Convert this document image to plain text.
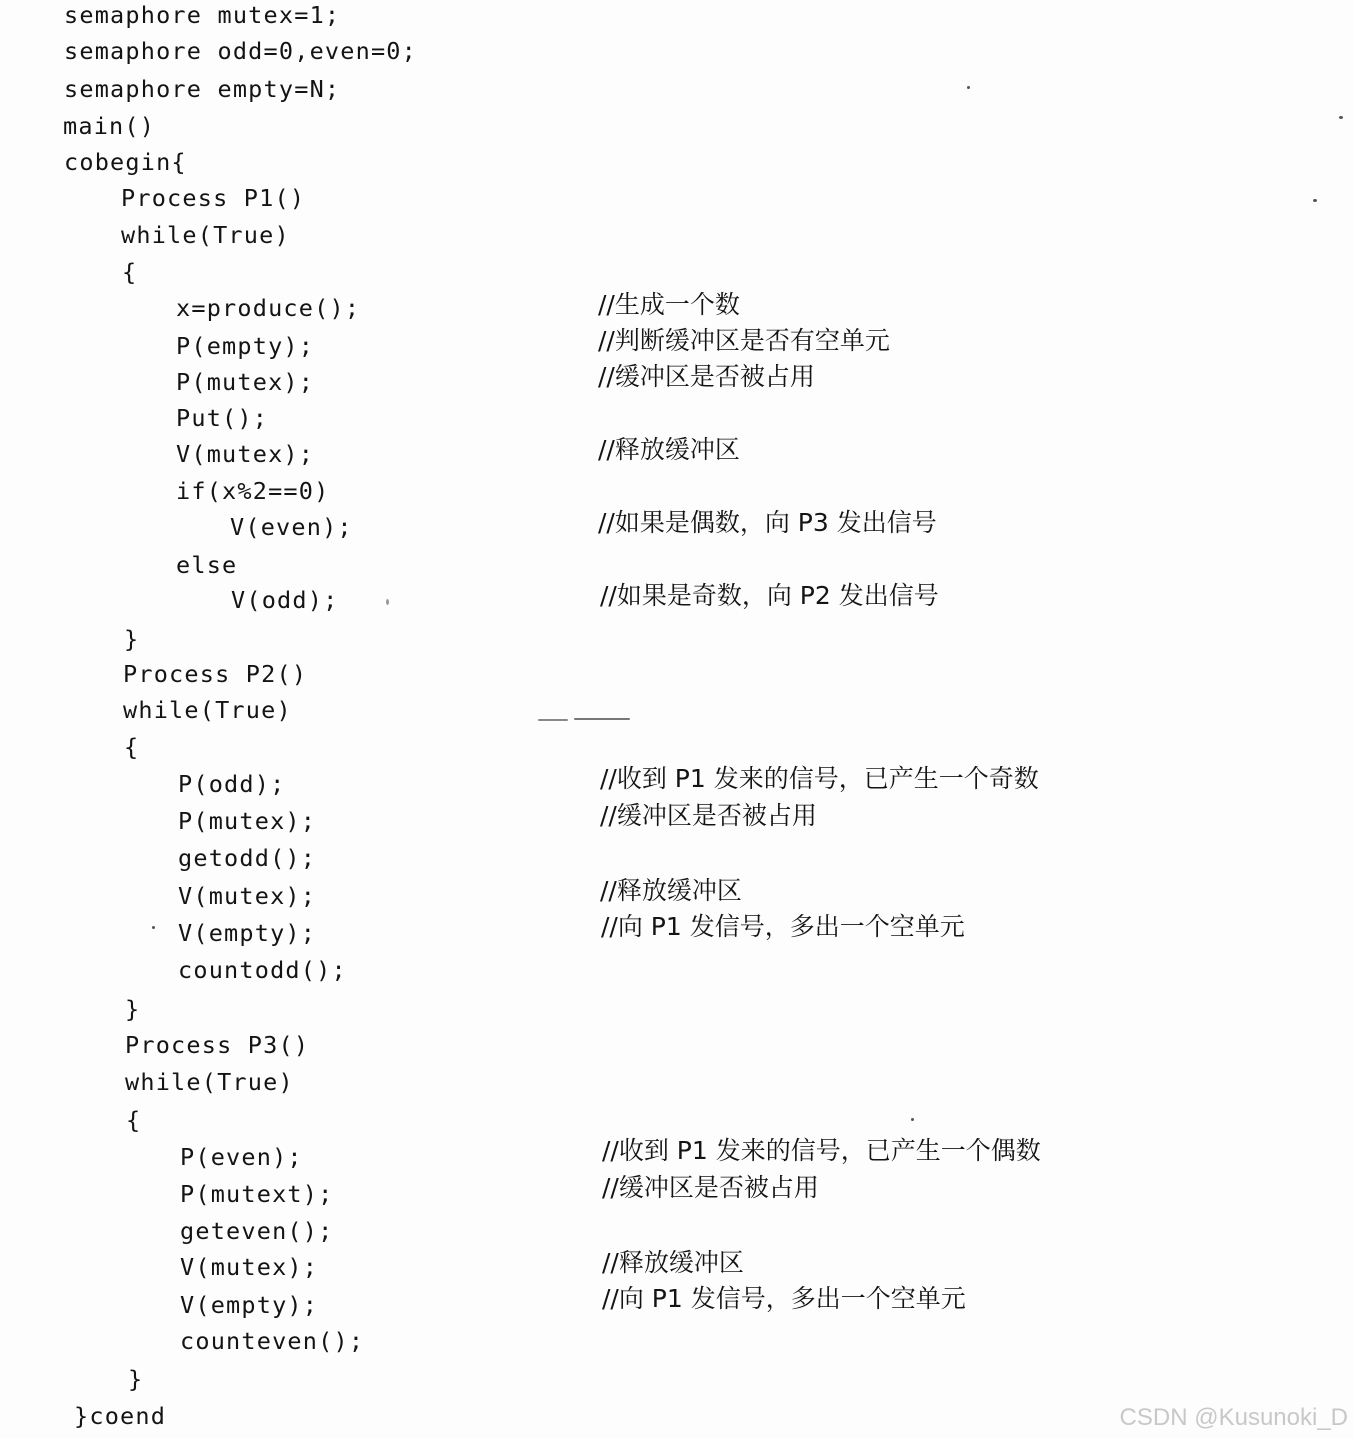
semaphore mutex=1;
semaphore odd=0,even=0;
semaphore empty=N;
main()
cobegin{
Process P1()
while(True)
{
x=produce();
P(empty);
P(mutex);
Put();
V(mutex);
if(x%2==0)
V(even);
else
V(odd);
}
Process P2()
while(True)
{
P(odd);
P(mutex);
getodd();
V(mutex);
V(empty);
countodd();
}
Process P3()
while(True)
{
P(even);
P(mutext);
geteven();
V(mutex);
V(empty);
counteven();
}
}coend
//生成一个数
//判断缓冲区是否有空单元
//缓冲区是否被占用
//释放缓冲区
//如果是偶数，向 P3 发出信号
//如果是奇数，向 P2 发出信号
//收到 P1 发来的信号，已产生一个奇数
//缓冲区是否被占用
//释放缓冲区
//向 P1 发信号，多出一个空单元
//收到 P1 发来的信号，已产生一个偶数
//缓冲区是否被占用
//释放缓冲区
//向 P1 发信号，多出一个空单元
CSDN @Kusunoki_D
